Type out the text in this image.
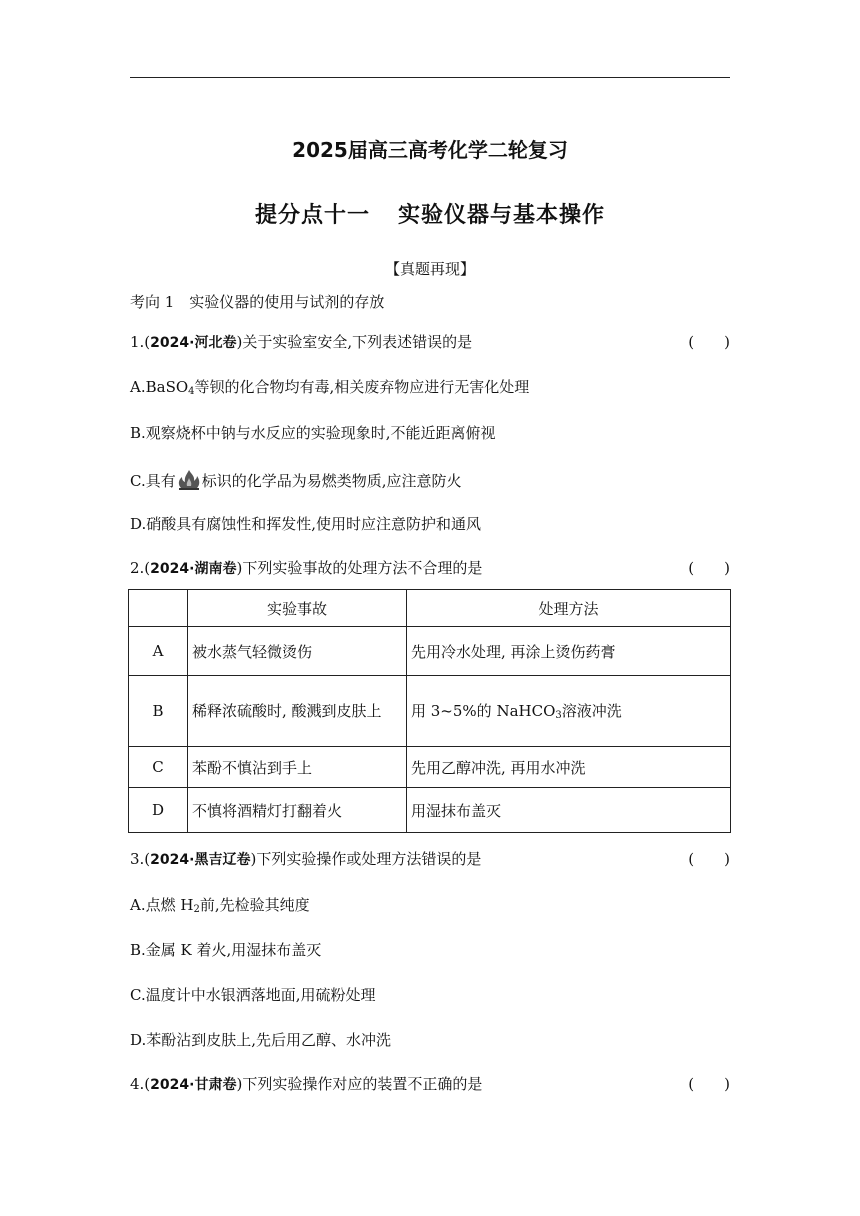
2025届高三高考化学二轮复习
提分点十一 实验仪器与基本操作
【真题再现】
考向 1　实验仪器的使用与试剂的存放
1.(2024·河北卷)关于实验室安全,下列表述错误的是	(　　)
A.BaSO$_4$等钡的化合物均有毒,相关废弃物应进行无害化处理
B.观察烧杯中钠与水反应的实验现象时,不能近距离俯视
C.具有 标识的化学品为易燃类物质,应注意防火
D.硝酸具有腐蚀性和挥发性,使用时应注意防护和通风
2.(2024·湖南卷)下列实验事故的处理方法不合理的是	(　　)
	实验事故	处理方法
A	被水蒸气轻微烫伤	先用冷水处理, 再涂上烫伤药膏
B	稀释浓硫酸时, 酸溅到皮肤上	用 3~5%的 NaHCO$_3$溶液冲洗
C	苯酚不慎沾到手上	先用乙醇冲洗, 再用水冲洗
D	不慎将酒精灯打翻着火	用湿抹布盖灭
3.(2024·黑吉辽卷)下列实验操作或处理方法错误的是	(　　)
A.点燃 $H_2$前,先检验其纯度
B.金属 K 着火,用湿抹布盖灭
C.温度计中水银洒落地面,用硫粉处理
D.苯酚沾到皮肤上,先后用乙醇、水冲洗
4.(2024·甘肃卷)下列实验操作对应的装置不正确的是	(　　)
